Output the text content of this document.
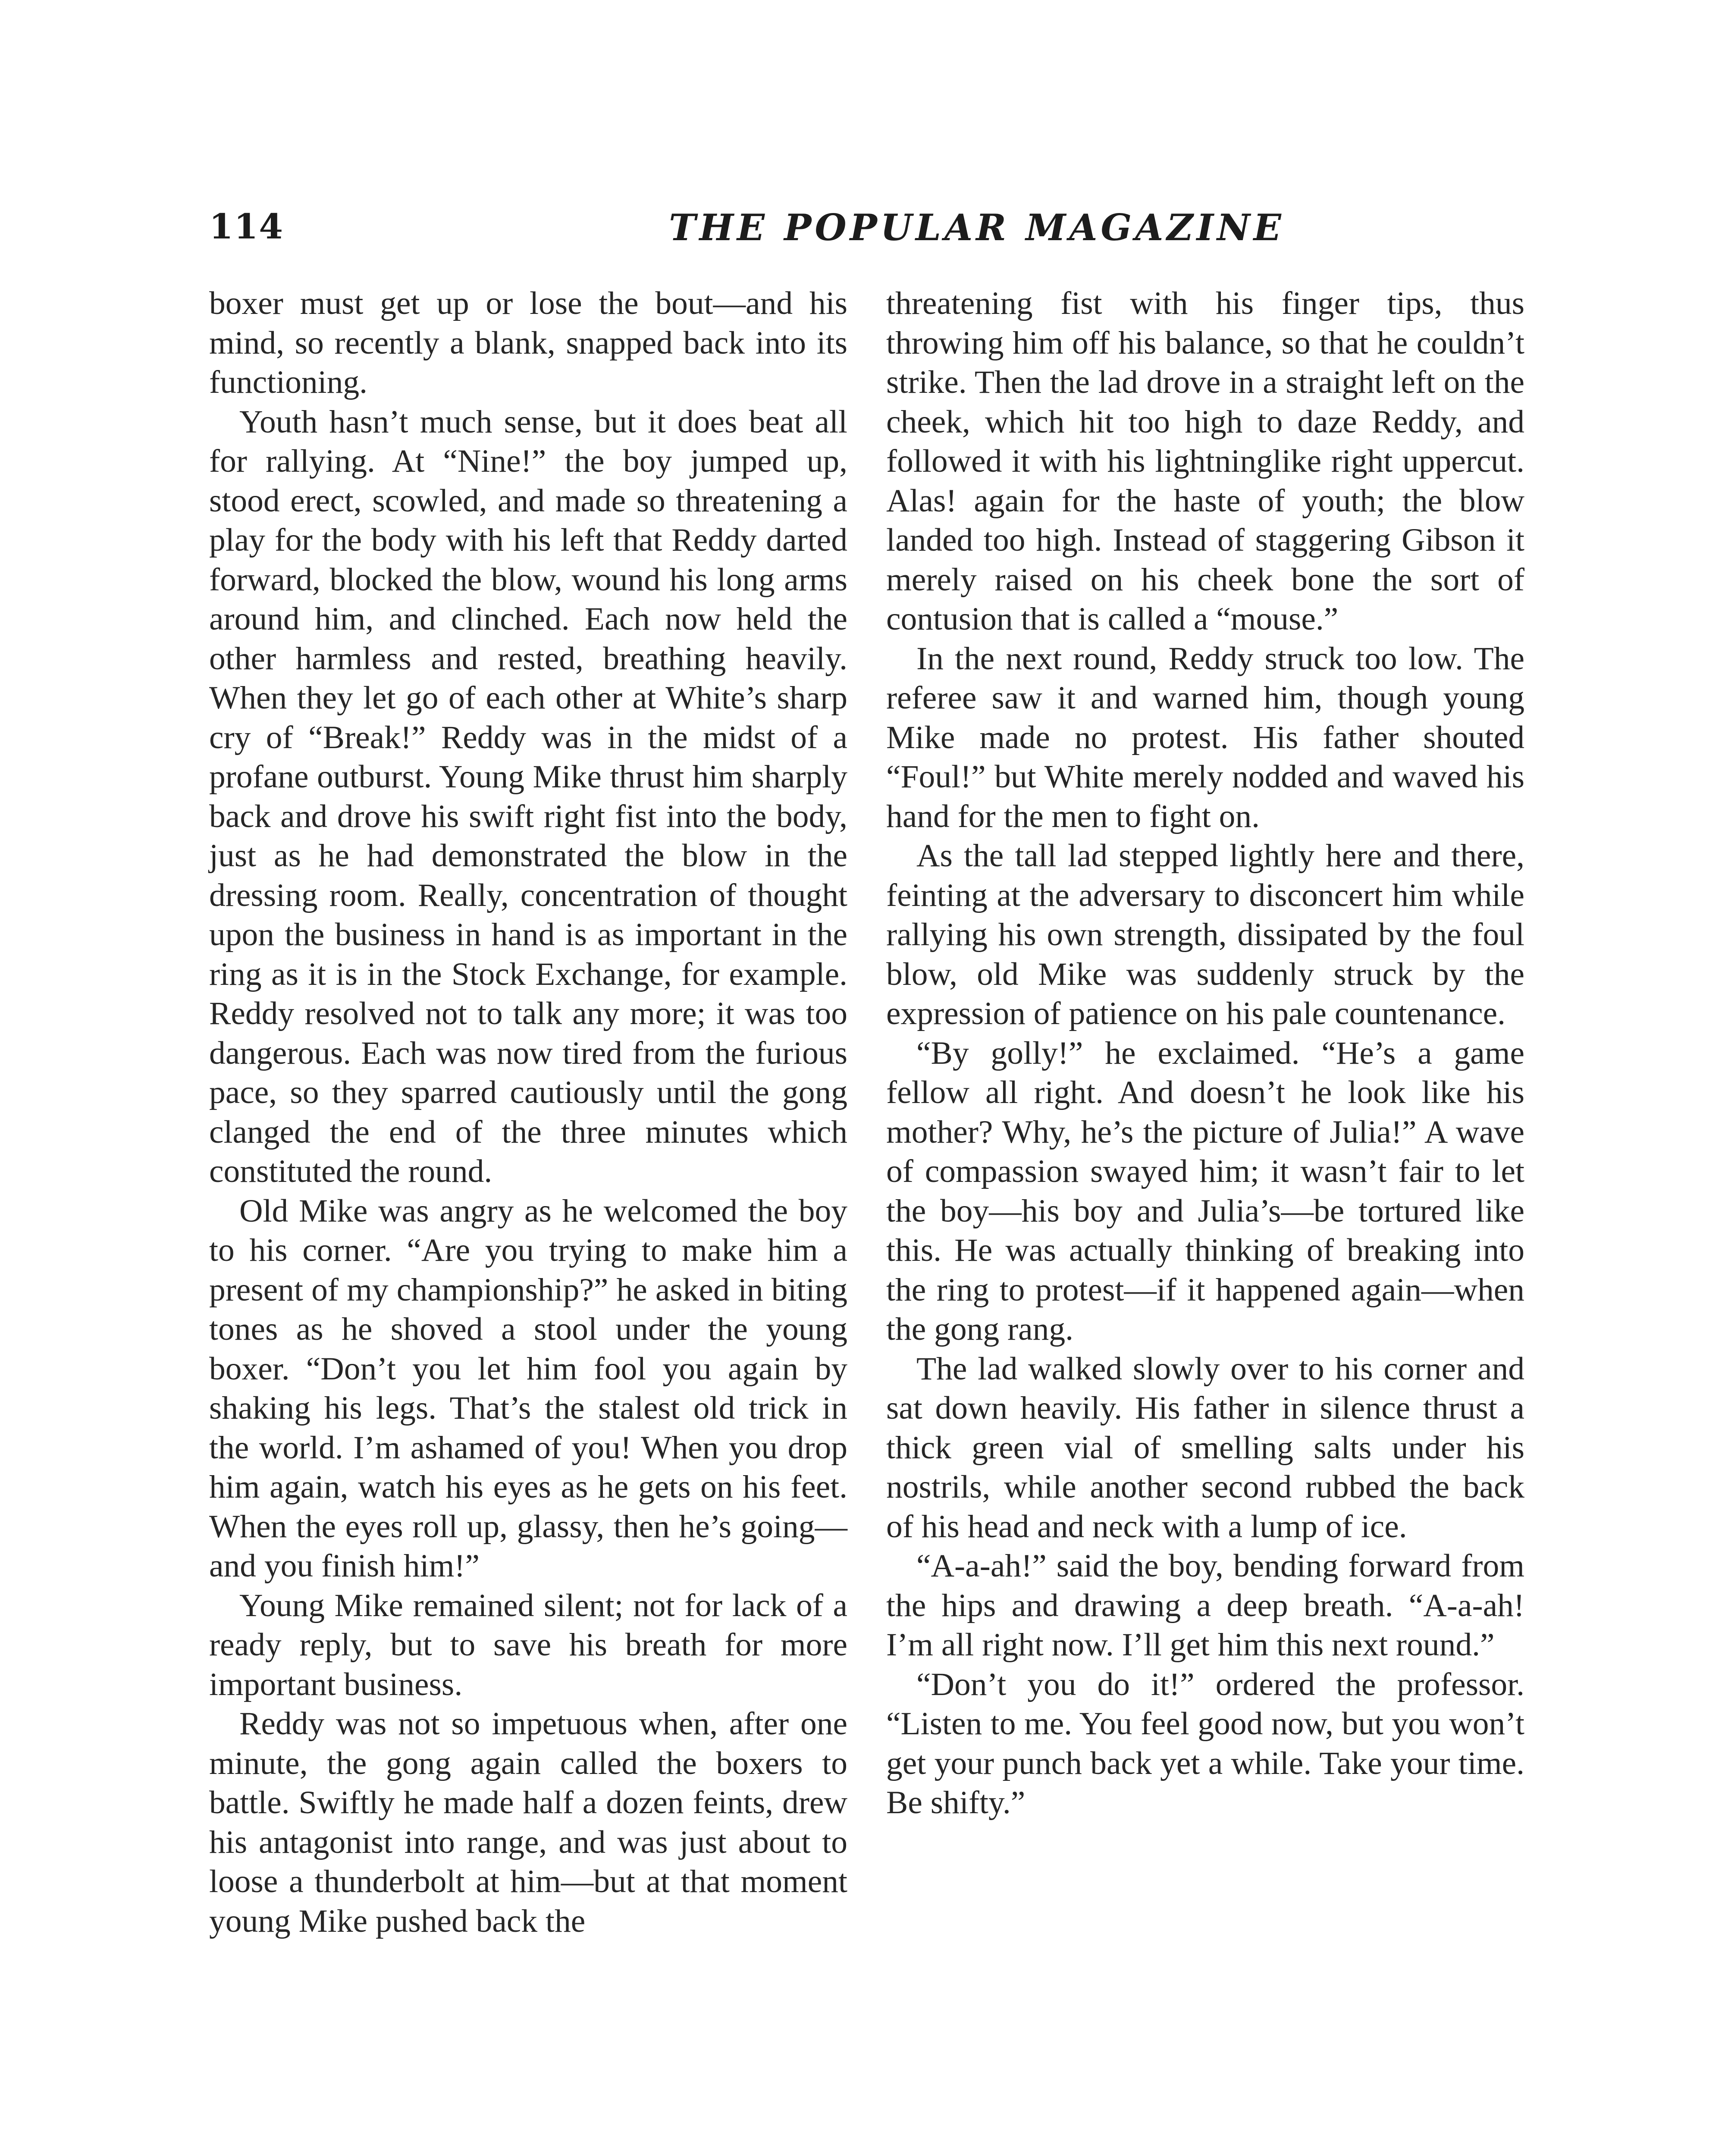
114	THE POPULAR MAGAZINE

boxer must get up or lose the bout—and his mind, so recently a blank, snapped back into its functioning.

Youth hasn’t much sense, but it does beat all for rallying. At “Nine!” the boy jumped up, stood erect, scowled, and made so threatening a play for the body with his left that Reddy darted forward, blocked the blow, wound his long arms around him, and clinched. Each now held the other harmless and rested, breathing heavily. When they let go of each other at White’s sharp cry of “Break!” Reddy was in the midst of a profane outburst. Young Mike thrust him sharply back and drove his swift right fist into the body, just as he had demonstrated the blow in the dressing room. Really, concentration of thought upon the business in hand is as important in the ring as it is in the Stock Exchange, for example. Reddy resolved not to talk any more; it was too dangerous. Each was now tired from the furious pace, so they sparred cautiously until the gong clanged the end of the three minutes which constituted the round.

Old Mike was angry as he welcomed the boy to his corner. “Are you trying to make him a present of my championship?” he asked in biting tones as he shoved a stool under the young boxer. “Don’t you let him fool you again by shaking his legs. That’s the stalest old trick in the world. I’m ashamed of you! When you drop him again, watch his eyes as he gets on his feet. When the eyes roll up, glassy, then he’s going—and you finish him!”

Young Mike remained silent; not for lack of a ready reply, but to save his breath for more important business.

Reddy was not so impetuous when, after one minute, the gong again called the boxers to battle. Swiftly he made half a dozen feints, drew his antagonist into range, and was just about to loose a thunderbolt at him—but at that moment young Mike pushed back the

threatening fist with his finger tips, thus throwing him off his balance, so that he couldn’t strike. Then the lad drove in a straight left on the cheek, which hit too high to daze Reddy, and followed it with his lightninglike right uppercut. Alas! again for the haste of youth; the blow landed too high. Instead of staggering Gibson it merely raised on his cheek bone the sort of contusion that is called a “mouse.”

In the next round, Reddy struck too low. The referee saw it and warned him, though young Mike made no protest. His father shouted “Foul!” but White merely nodded and waved his hand for the men to fight on.

As the tall lad stepped lightly here and there, feinting at the adversary to disconcert him while rallying his own strength, dissipated by the foul blow, old Mike was suddenly struck by the expression of patience on his pale countenance.

“By golly!” he exclaimed. “He’s a game fellow all right. And doesn’t he look like his mother? Why, he’s the picture of Julia!” A wave of compassion swayed him; it wasn’t fair to let the boy—his boy and Julia’s—be tortured like this. He was actually thinking of breaking into the ring to protest—if it happened again—when the gong rang.

The lad walked slowly over to his corner and sat down heavily. His father in silence thrust a thick green vial of smelling salts under his nostrils, while another second rubbed the back of his head and neck with a lump of ice.

“A-a-ah!” said the boy, bending forward from the hips and drawing a deep breath. “A-a-ah! I’m all right now. I’ll get him this next round.”

“Don’t you do it!” ordered the professor. “Listen to me. You feel good now, but you won’t get your punch back yet a while. Take your time. Be shifty.”
